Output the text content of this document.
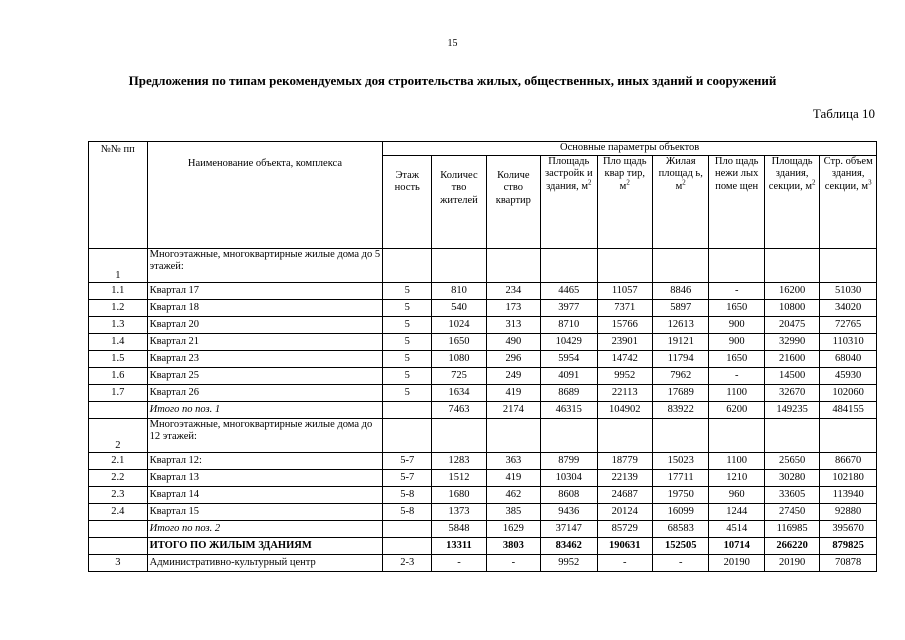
15
Предложения по типам рекомендуемых доя строительства жилых, общественных, иных зданий и сооружений
Таблица 10
№№ пп	Наименование объекта, комплекса	Основные параметры объектов								
		Этаж ность	Количес тво жителей	Количе ство квартир	Площадь застройк и здания, $м^2$	Пло щадь квар тир, $м^2$	Жилая площад ь, $м^2$	Пло щадь нежи лых поме щен	Площадь здания, секции, $м^2$	Стр. объем здания, секции, $м^3$
1	Многоэтажные, многоквартирные жилые дома до 5 этажей:									
1.1	Квартал 17	5	810	234	4465	11057	8846	-	16200	51030
1.2	Квартал 18	5	540	173	3977	7371	5897	1650	10800	34020
1.3	Квартал 20	5	1024	313	8710	15766	12613	900	20475	72765
1.4	Квартал 21	5	1650	490	10429	23901	19121	900	32990	110310
1.5	Квартал 23	5	1080	296	5954	14742	11794	1650	21600	68040
1.6	Квартал 25	5	725	249	4091	9952	7962	-	14500	45930
1.7	Квартал 26	5	1634	419	8689	22113	17689	1100	32670	102060
	Итого по поз. 1		7463	2174	46315	104902	83922	6200	149235	484155
2	Многоэтажные, многоквартирные жилые дома до 12 этажей:									
2.1	Квартал 12:	5-7	1283	363	8799	18779	15023	1100	25650	86670
2.2	Квартал 13	5-7	1512	419	10304	22139	17711	1210	30280	102180
2.3	Квартал 14	5-8	1680	462	8608	24687	19750	960	33605	113940
2.4	Квартал 15	5-8	1373	385	9436	20124	16099	1244	27450	92880
	Итого по поз. 2		5848	1629	37147	85729	68583	4514	116985	395670
	ИТОГО ПО ЖИЛЫМ ЗДАНИЯМ		13311	3803	83462	190631	152505	10714	266220	879825
3	Административно-культурный центр	2-3	-	-	9952	-	-	20190	20190	70878
